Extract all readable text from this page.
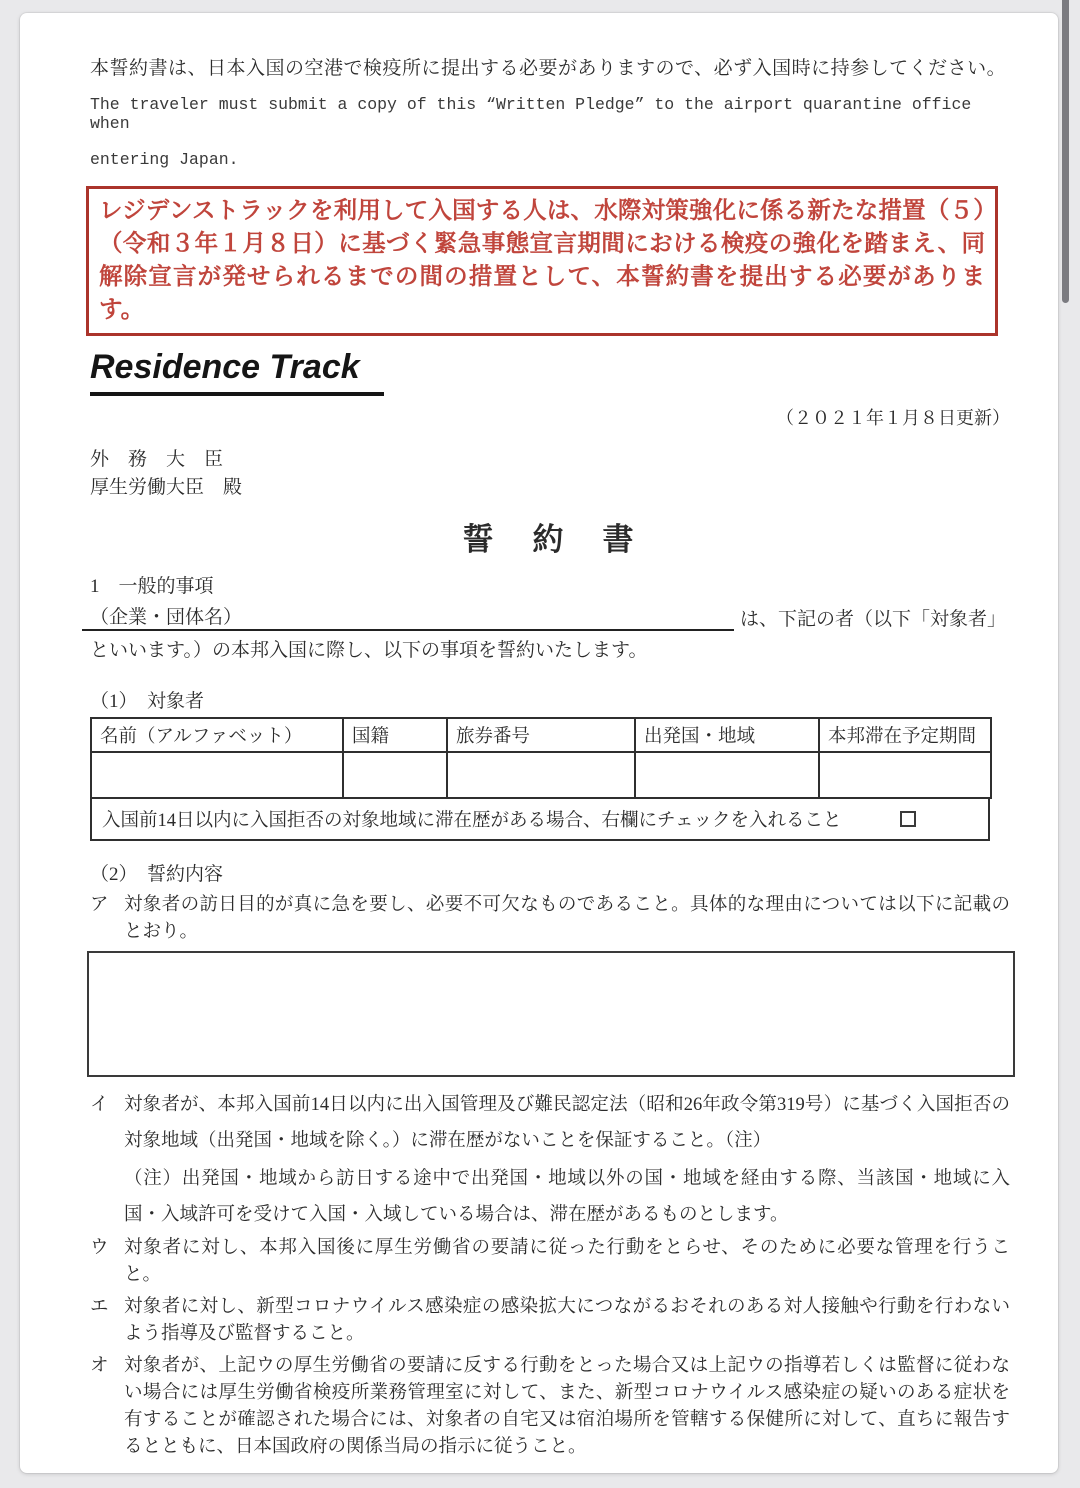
本誓約書は、日本入国の空港で検疫所に提出する必要がありますので、必ず入国時に持参してください。

The traveler must submit a copy of this “Written Pledge” to the airport quarantine office when

entering Japan.

レジデンストラックを利用して入国する人は、水際対策強化に係る新たな措置（５）（令和３年１月８日）に基づく緊急事態宣言期間における検疫の強化を踏まえ、同解除宣言が発せられるまでの間の措置として、本誓約書を提出する必要があります。

Residence Track

（２０２１年１月８日更新）

外　務　大　臣

厚生労働大臣　殿

誓　約　書

1　一般的事項

（企業・団体名）	は、下記の者（以下「対象者」

といいます。）の本邦入国に際し、以下の事項を誓約いたします。

（1）　対象者

名前（アルファベット）	国籍	旅券番号	出発国・地域	本邦滞在予定期間

入国前14日以内に入国拒否の対象地域に滞在歴がある場合、右欄にチェックを入れること

（2）　誓約内容

ア 対象者の訪日目的が真に急を要し、必要不可欠なものであること。具体的な理由については以下に記載のとおり。

イ 対象者が、本邦入国前14日以内に出入国管理及び難民認定法（昭和26年政令第319号）に基づく入国拒否の対象地域（出発国・地域を除く。）に滞在歴がないことを保証すること。（注）

（注）出発国・地域から訪日する途中で出発国・地域以外の国・地域を経由する際、当該国・地域に入国・入域許可を受けて入国・入域している場合は、滞在歴があるものとします。

ウ 対象者に対し、本邦入国後に厚生労働省の要請に従った行動をとらせ、そのために必要な管理を行うこと。

エ 対象者に対し、新型コロナウイルス感染症の感染拡大につながるおそれのある対人接触や行動を行わないよう指導及び監督すること。

オ 対象者が、上記ウの厚生労働省の要請に反する行動をとった場合又は上記ウの指導若しくは監督に従わない場合には厚生労働省検疫所業務管理室に対して、また、新型コロナウイルス感染症の疑いのある症状を有することが確認された場合には、対象者の自宅又は宿泊場所を管轄する保健所に対して、直ちに報告するとともに、日本国政府の関係当局の指示に従うこと。
